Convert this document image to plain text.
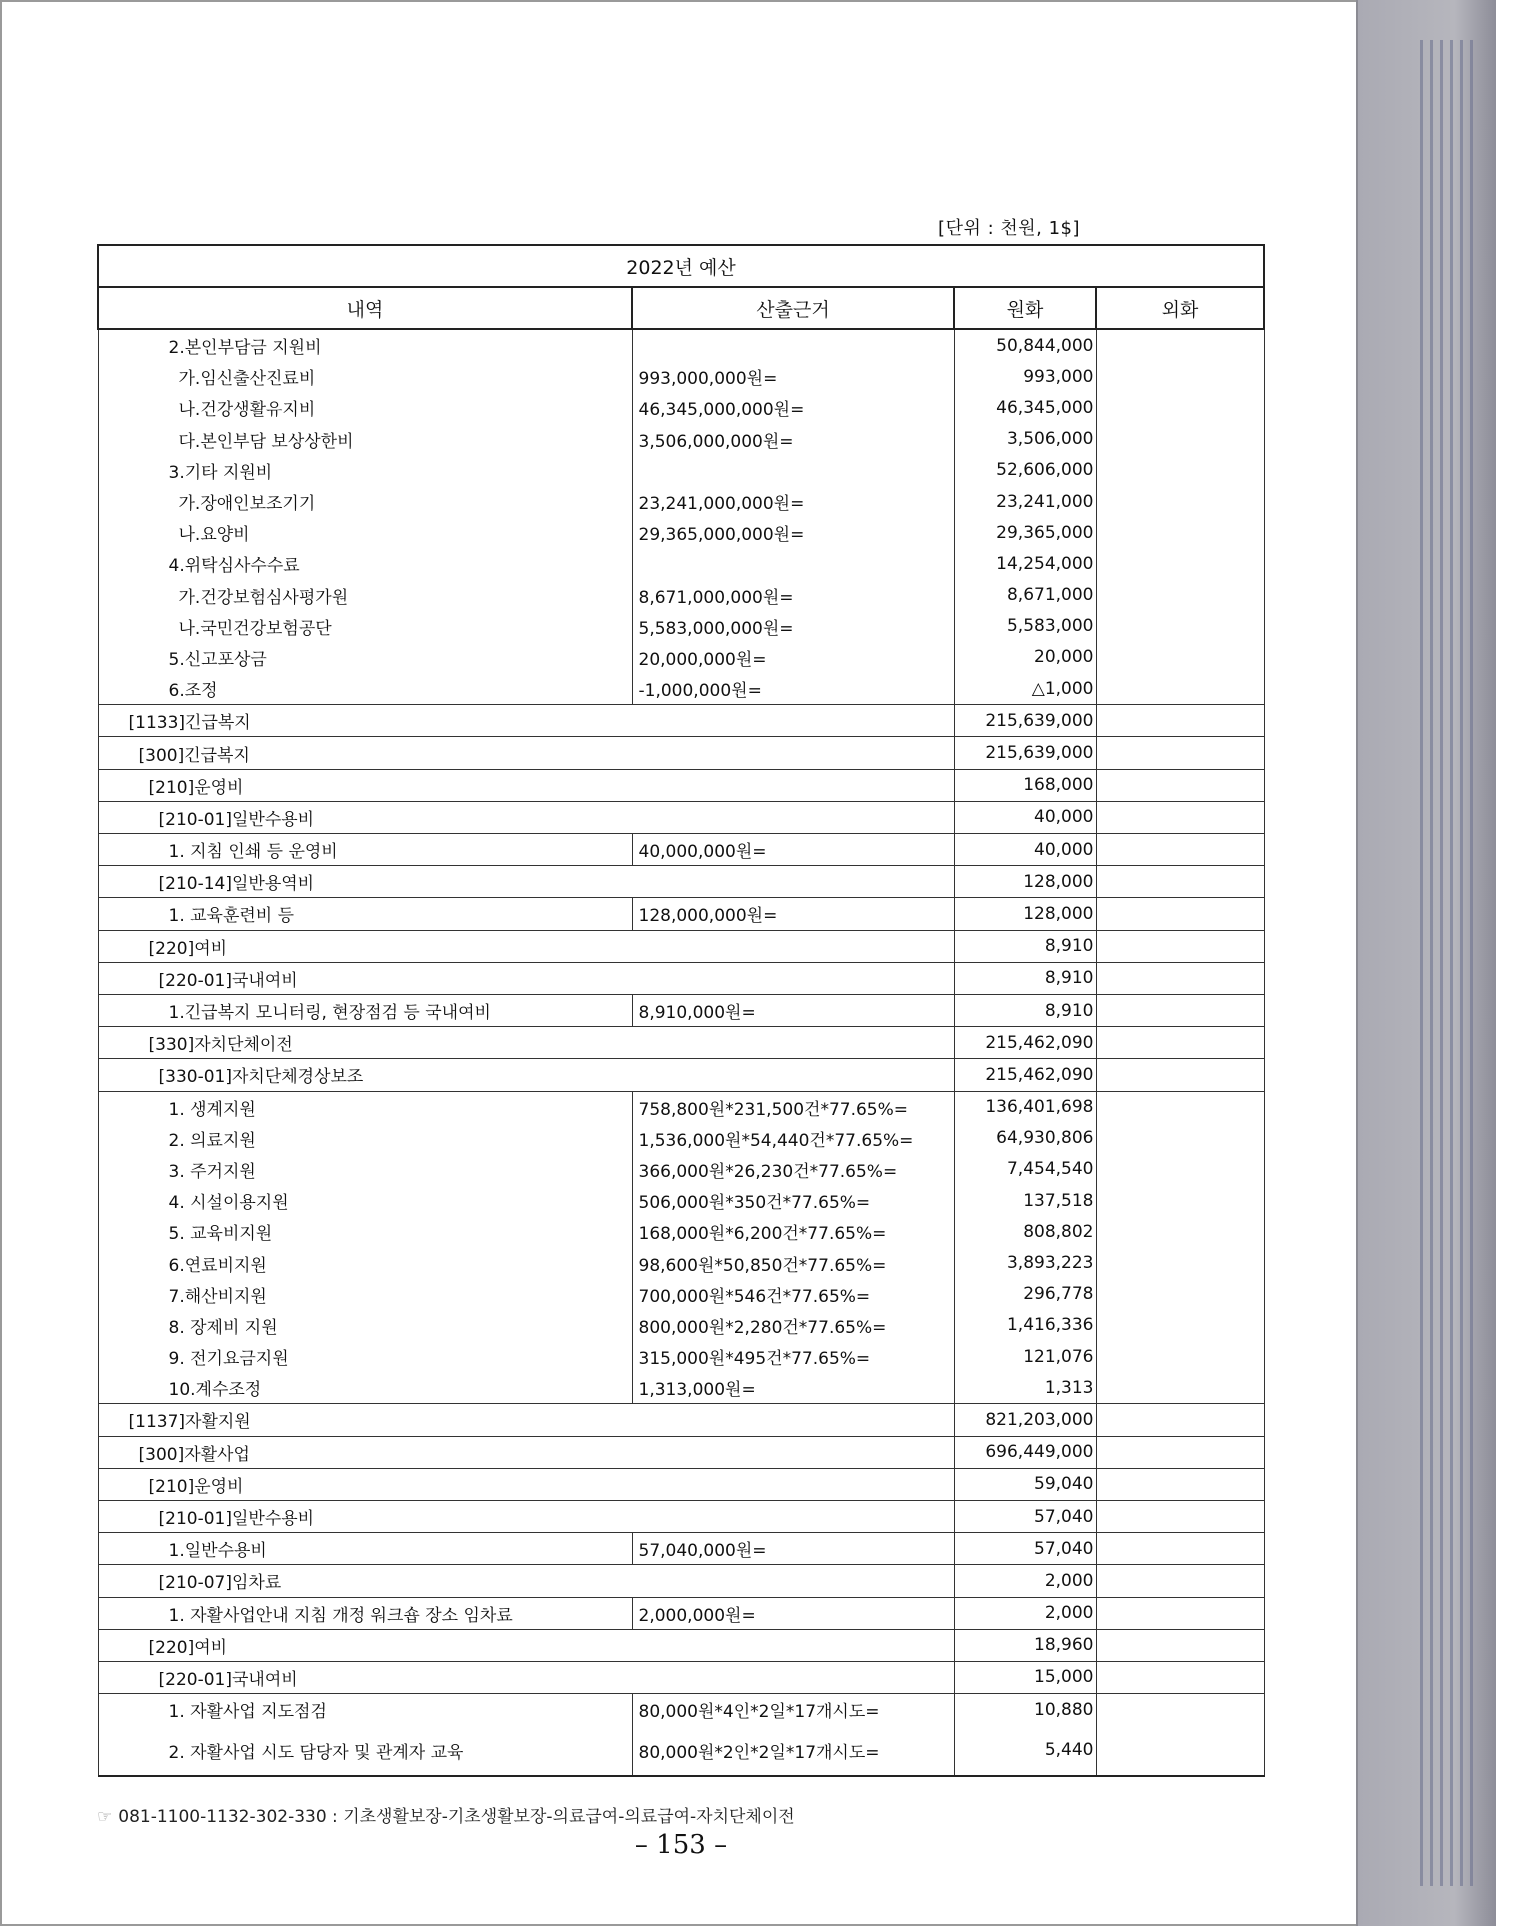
[단위 : 천원, 1$]
2022년 예산			
내역	산출근거	원화	외화
2.본인부담금 지원비		50,844,000	
가.임신출산진료비	993,000,000원=	993,000	
나.건강생활유지비	46,345,000,000원=	46,345,000	
다.본인부담 보상상한비	3,506,000,000원=	3,506,000	
3.기타 지원비		52,606,000	
가.장애인보조기기	23,241,000,000원=	23,241,000	
나.요양비	29,365,000,000원=	29,365,000	
4.위탁심사수수료		14,254,000	
가.건강보험심사평가원	8,671,000,000원=	8,671,000	
나.국민건강보험공단	5,583,000,000원=	5,583,000	
5.신고포상금	20,000,000원=	20,000	
6.조정	-1,000,000원=	△1,000	
[1133]긴급복지		215,639,000	
[300]긴급복지		215,639,000	
[210]운영비		168,000	
[210-01]일반수용비		40,000	
1. 지침 인쇄 등 운영비	40,000,000원=	40,000	
[210-14]일반용역비		128,000	
1. 교육훈련비 등	128,000,000원=	128,000	
[220]여비		8,910	
[220-01]국내여비		8,910	
1.긴급복지 모니터링, 현장점검 등 국내여비	8,910,000원=	8,910	
[330]자치단체이전		215,462,090	
[330-01]자치단체경상보조		215,462,090	
1. 생계지원	758,800원*231,500건*77.65%=	136,401,698	
2. 의료지원	1,536,000원*54,440건*77.65%=	64,930,806	
3. 주거지원	366,000원*26,230건*77.65%=	7,454,540	
4. 시설이용지원	506,000원*350건*77.65%=	137,518	
5. 교육비지원	168,000원*6,200건*77.65%=	808,802	
6.연료비지원	98,600원*50,850건*77.65%=	3,893,223	
7.해산비지원	700,000원*546건*77.65%=	296,778	
8. 장제비 지원	800,000원*2,280건*77.65%=	1,416,336	
9. 전기요금지원	315,000원*495건*77.65%=	121,076	
10.계수조정	1,313,000원=	1,313	
[1137]자활지원		821,203,000	
[300]자활사업		696,449,000	
[210]운영비		59,040	
[210-01]일반수용비		57,040	
1.일반수용비	57,040,000원=	57,040	
[210-07]임차료		2,000	
1. 자활사업안내 지침 개정 워크숍 장소 임차료	2,000,000원=	2,000	
[220]여비		18,960	
[220-01]국내여비		15,000	
1. 자활사업 지도점검	80,000원*4인*2일*17개시도=	10,880	
2. 자활사업 시도 담당자 및 관계자 교육	80,000원*2인*2일*17개시도=	5,440	
☞ 081-1100-1132-302-330 : 기초생활보장-기초생활보장-의료급여-의료급여-자치단체이전
– 153 –
